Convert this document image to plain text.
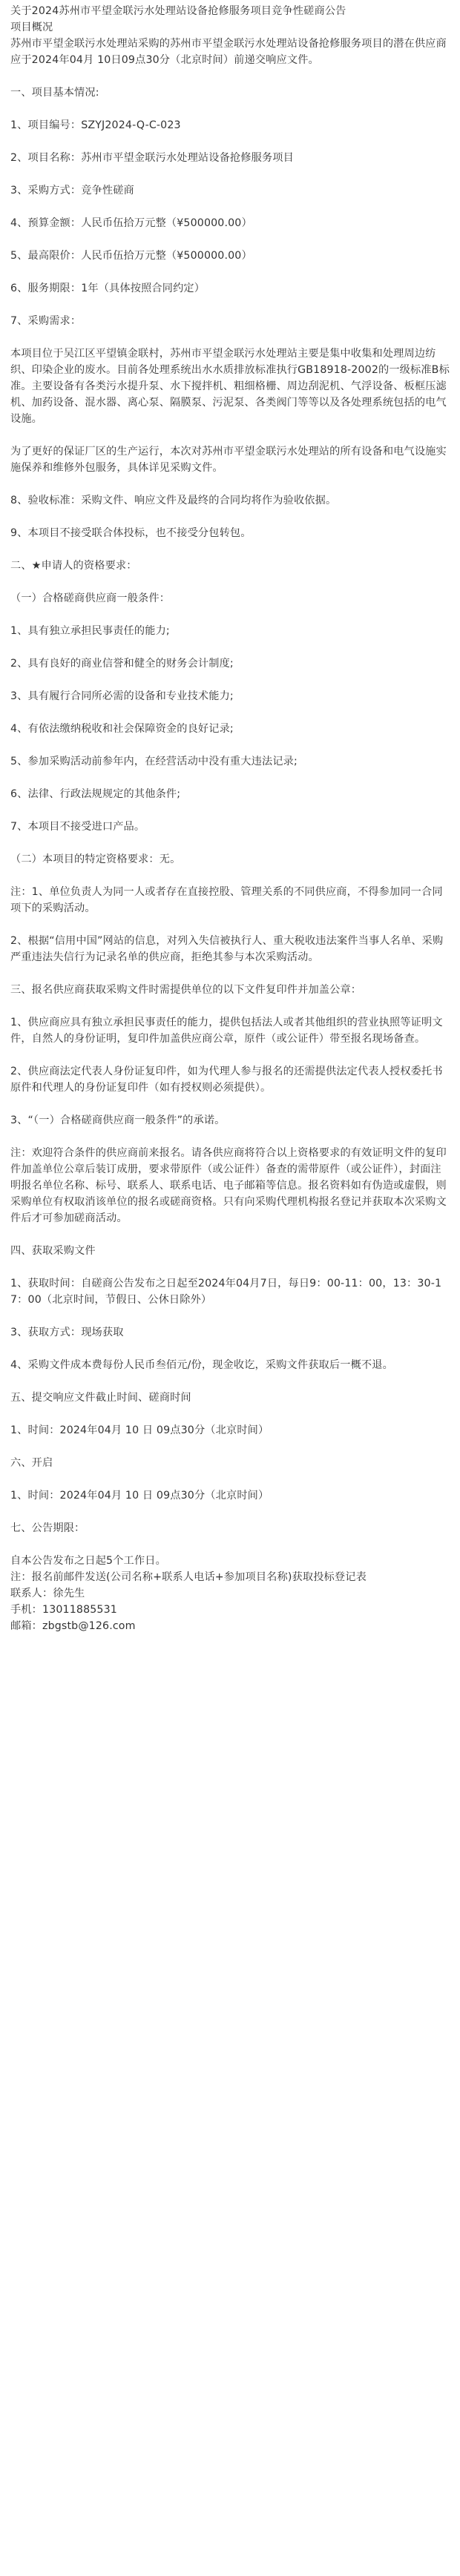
关于2024苏州市平望金联污水处理站设备抢修服务项目竞争性磋商公告

项目概况

苏州市平望金联污水处理站采购的苏州市平望金联污水处理站设备抢修服务项目的潜在供应商应于2024年04月 10日09点30分（北京时间）前递交响应文件。

一、项目基本情况:

1、项目编号：SZYJ2024-Q-C-023

2、项目名称：苏州市平望金联污水处理站设备抢修服务项目

3、采购方式：竞争性磋商

4、预算金额：人民币伍拾万元整（¥500000.00）

5、最高限价：人民币伍拾万元整（¥500000.00）

6、服务期限：1年（具体按照合同约定）

7、采购需求：

本项目位于吴江区平望镇金联村，苏州市平望金联污水处理站主要是集中收集和处理周边纺织、印染企业的废水。目前各处理系统出水水质排放标准执行GB18918-2002的一级标准B标准。主要设备有各类污水提升泵、水下搅拌机、粗细格栅、周边刮泥机、气浮设备、板框压滤机、加药设备、混水器、离心泵、隔膜泵、污泥泵、各类阀门等等以及各处理系统包括的电气设施。

为了更好的保证厂区的生产运行，本次对苏州市平望金联污水处理站的所有设备和电气设施实施保养和维修外包服务，具体详见采购文件。

8、验收标准：采购文件、响应文件及最终的合同均将作为验收依据。

9、本项目不接受联合体投标，也不接受分包转包。

二、★申请人的资格要求：

（一）合格磋商供应商一般条件：

1、具有独立承担民事责任的能力;

2、具有良好的商业信誉和健全的财务会计制度;

3、具有履行合同所必需的设备和专业技术能力;

4、有依法缴纳税收和社会保障资金的良好记录;

5、参加采购活动前参年内，在经营活动中没有重大违法记录;

6、法律、行政法规规定的其他条件;

7、本项目不接受进口产品。

（二）本项目的特定资格要求：无。

注：1、单位负责人为同一人或者存在直接控股、管理关系的不同供应商，不得参加同一合同项下的采购活动。

2、根据“信用中国”网站的信息，对列入失信被执行人、重大税收违法案件当事人名单、采购严重违法失信行为记录名单的供应商，拒绝其参与本次采购活动。

三、报名供应商获取采购文件时需提供单位的以下文件复印件并加盖公章：

1、供应商应具有独立承担民事责任的能力，提供包括法人或者其他组织的营业执照等证明文件，自然人的身份证明，复印件加盖供应商公章，原件（或公证件）带至报名现场备查。

2、供应商法定代表人身份证复印件，如为代理人参与报名的还需提供法定代表人授权委托书原件和代理人的身份证复印件（如有授权则必须提供）。

3、“（一）合格磋商供应商一般条件”的承诺。

注：欢迎符合条件的供应商前来报名。请各供应商将符合以上资格要求的有效证明文件的复印件加盖单位公章后装订成册，要求带原件（或公证件）备查的需带原件（或公证件），封面注明报名单位名称、标号、联系人、联系电话、电子邮箱等信息。报名资料如有伪造或虚假，则采购单位有权取消该单位的报名或磋商资格。只有向采购代理机构报名登记并获取本次采购文件后才可参加磋商活动。

四、获取采购文件

1、获取时间：自磋商公告发布之日起至2024年04月7日，每日9：00-11：00，13：30-17：00（北京时间，节假日、公休日除外）

3、获取方式：现场获取

4、采购文件成本费每份人民币叁佰元/份，现金收讫，采购文件获取后一概不退。

五、提交响应文件截止时间、磋商时间

1、时间：2024年04月 10 日 09点30分（北京时间）

六、开启

1、时间：2024年04月 10 日 09点30分（北京时间）

七、公告期限：

自本公告发布之日起5个工作日。

注：报名前邮件发送(公司名称+联系人电话+参加项目名称)获取投标登记表

联系人：徐先生

手机：13011885531

邮箱：zbgstb@126.com
